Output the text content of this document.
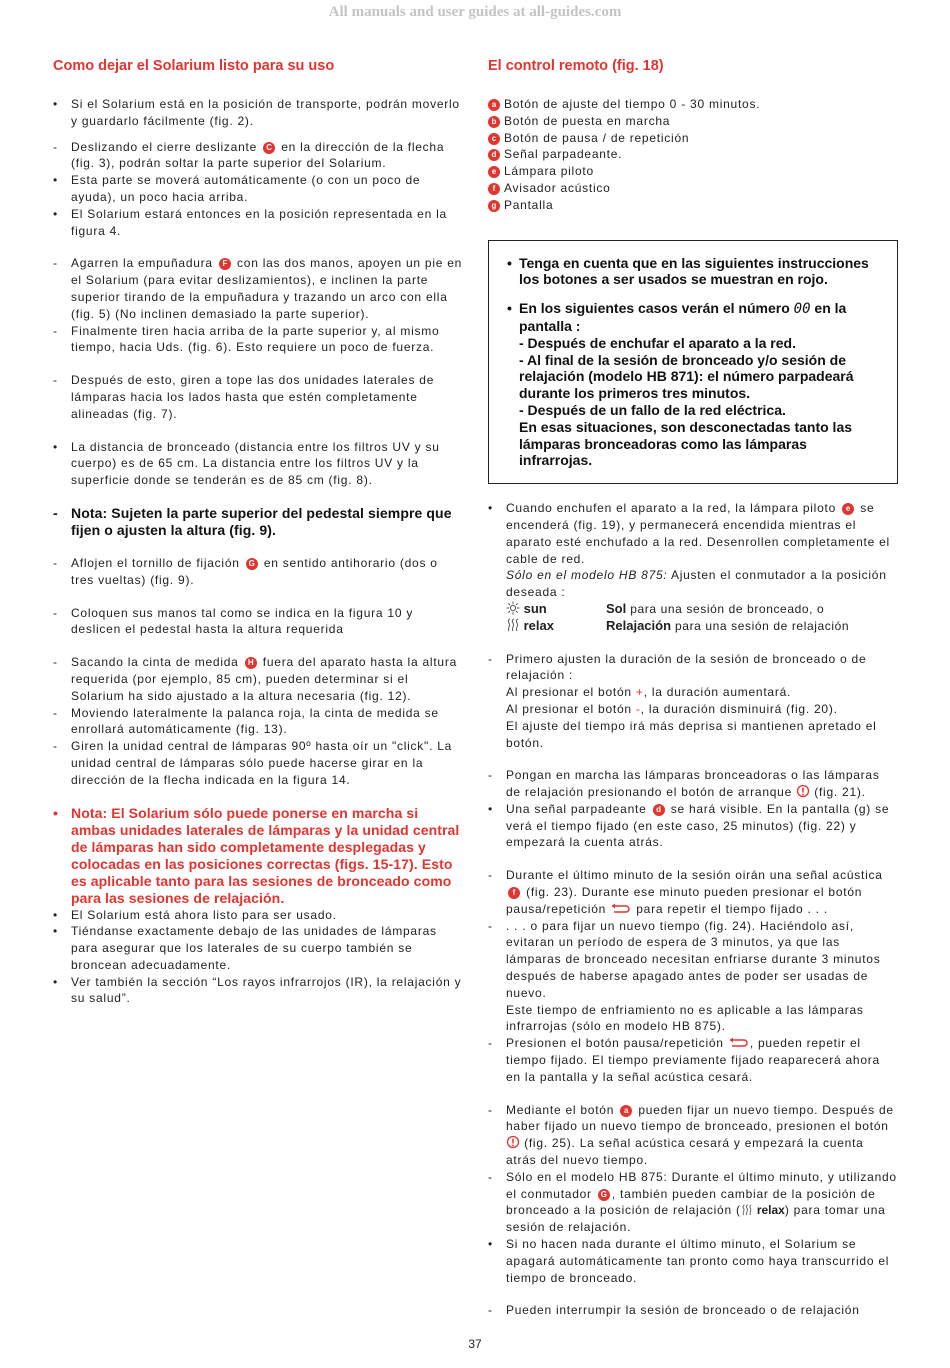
All manuals and user guides at all-guides.com
Como dejar el Solarium listo para su uso
• Si el Solarium está en la posición de transporte, podrán moverlo y guardarlo fácilmente (fig. 2).
- Deslizando el cierre deslizante C en la dirección de la flecha (fig. 3), podrán soltar la parte superior del Solarium.
• Esta parte se moverá automáticamente (o con un poco de ayuda), un poco hacia arriba.
• El Solarium estará entonces en la posición representada en la figura 4.
- Agarren la empuñadura F con las dos manos, apoyen un pie en el Solarium (para evitar deslizamientos), e inclinen la parte superior tirando de la empuñadura y trazando un arco con ella (fig. 5) (No inclinen demasiado la parte superior).
- Finalmente tiren hacia arriba de la parte superior y, al mismo tiempo, hacia Uds. (fig. 6). Esto requiere un poco de fuerza.
- Después de esto, giren a tope las dos unidades laterales de lámparas hacia los lados hasta que estén completamente alineadas (fig. 7).
• La distancia de bronceado (distancia entre los filtros UV y su cuerpo) es de 65 cm. La distancia entre los filtros UV y la superficie donde se tenderán es de 85 cm (fig. 8).
- Nota: Sujeten la parte superior del pedestal siempre que fijen o ajusten la altura (fig. 9).
- Aflojen el tornillo de fijación G en sentido antihorario (dos o tres vueltas) (fig. 9).
- Coloquen sus manos tal como se indica en la figura 10 y deslicen el pedestal hasta la altura requerida
- Sacando la cinta de medida H fuera del aparato hasta la altura requerida (por ejemplo, 85 cm), pueden determinar si el Solarium ha sido ajustado a la altura necesaria (fig. 12).
- Moviendo lateralmente la palanca roja, la cinta de medida se enrollará automáticamente (fig. 13).
- Giren la unidad central de lámparas 90º hasta oír un "click". La unidad central de lámparas sólo puede hacerse girar en la dirección de la flecha indicada en la figura 14.
• Nota: El Solarium sólo puede ponerse en marcha si ambas unidades laterales de lámparas y la unidad central de lámparas han sido completamente desplegadas y colocadas en las posiciones correctas (figs. 15-17). Esto es aplicable tanto para las sesiones de bronceado como para las sesiones de relajación.
• El Solarium está ahora listo para ser usado.
• Tiéndanse exactamente debajo de las unidades de lámparas para asegurar que los laterales de su cuerpo también se broncean adecuadamente.
• Ver también la sección “Los rayos infrarrojos (IR), la relajación y su salud”.
El control remoto (fig. 18)
a Botón de ajuste del tiempo 0 - 30 minutos.
b Botón de puesta en marcha
c Botón de pausa / de repetición
d Señal parpadeante.
e Lámpara piloto
f Avisador acústico
g Pantalla
• Tenga en cuenta que en las siguientes instrucciones los botones a ser usados se muestran en rojo.
• En los siguientes casos verán el número 00 en la pantalla :
- Después de enchufar el aparato a la red.
- Al final de la sesión de bronceado y/o sesión de relajación (modelo HB 871): el número parpadeará durante los primeros tres minutos.
- Después de un fallo de la red eléctrica.
En esas situaciones, son desconectadas tanto las lámparas bronceadoras como las lámparas infrarrojas.
• Cuando enchufen el aparato a la red, la lámpara piloto e se encenderá (fig. 19), y permanecerá encendida mientras el aparato esté enchufado a la red. Desenrollen completamente el cable de red.
Sólo en el modelo HB 875: Ajusten el conmutador a la posición deseada :
sun	Sol para una sesión de bronceado, o
relax	Relajación para una sesión de relajación
- Primero ajusten la duración de la sesión de bronceado o de relajación :
Al presionar el botón +, la duración aumentará.
Al presionar el botón -, la duración disminuirá (fig. 20).
El ajuste del tiempo irá más deprisa si mantienen apretado el botón.
- Pongan en marcha las lámparas bronceadoras o las lámparas de relajación presionando el botón de arranque (fig. 21).
• Una señal parpadeante d se hará visible. En la pantalla (g) se verá el tiempo fijado (en este caso, 25 minutos) (fig. 22) y empezará la cuenta atrás.
- Durante el último minuto de la sesión oirán una señal acústica f (fig. 23). Durante ese minuto pueden presionar el botón pausa/repetición	para repetir el tiempo fijado . . .
- . . . o para fijar un nuevo tiempo (fig. 24). Haciéndolo así, evitaran un período de espera de 3 minutos, ya que las lámparas de bronceado necesitan enfriarse durante 3 minutos después de haberse apagado antes de poder ser usadas de nuevo.
Este tiempo de enfriamiento no es aplicable a las lámparas infrarrojas (sólo en modelo HB 875).
- Presionen el botón pausa/repetición , pueden repetir el tiempo fijado. El tiempo previamente fijado reaparecerá ahora en la pantalla y la señal acústica cesará.
- Mediante el botón a pueden fijar un nuevo tiempo. Después de haber fijado un nuevo tiempo de bronceado, presionen el botón  (fig. 25). La señal acústica cesará y empezará la cuenta atrás del nuevo tiempo.
- Sólo en el modelo HB 875: Durante el último minuto, y utilizando el conmutador G , también pueden cambiar de la posición de bronceado a la posición de relajación ( relax) para tomar una sesión de relajación.
• Si no hacen nada durante el último minuto, el Solarium se apagará automáticamente tan pronto como haya transcurrido el tiempo de bronceado.
- Pueden interrumpir la sesión de bronceado o de relajación
37
